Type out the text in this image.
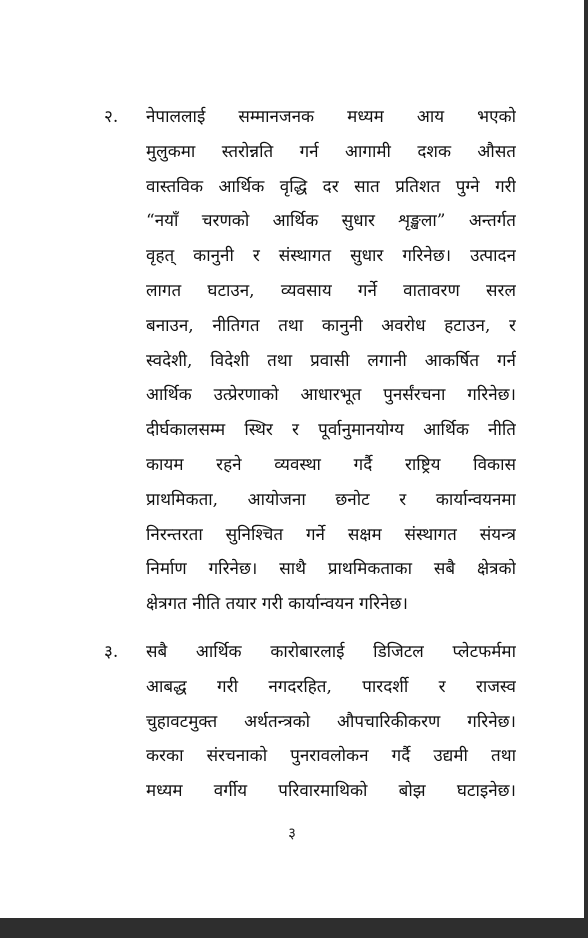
२. नेपाललाई सम्मानजनक मध्यम आय भएको
मुलुकमा स्तरोन्नति गर्न आगामी दशक औसत
वास्तविक आर्थिक वृद्धि दर सात प्रतिशत पुग्ने गरी
“नयाँ चरणको आर्थिक सुधार शृङ्खला” अन्तर्गत
वृहत् कानुनी र संस्थागत सुधार गरिनेछ। उत्पादन
लागत घटाउन, व्यवसाय गर्ने वातावरण सरल
बनाउन, नीतिगत तथा कानुनी अवरोध हटाउन, र
स्वदेशी, विदेशी तथा प्रवासी लगानी आकर्षित गर्न
आर्थिक उत्प्रेरणाको आधारभूत पुनर्संरचना गरिनेछ।
दीर्घकालसम्म स्थिर र पूर्वानुमानयोग्य आर्थिक नीति
कायम रहने व्यवस्था गर्दै राष्ट्रिय विकास
प्राथमिकता, आयोजना छनोट र कार्यान्वयनमा
निरन्तरता सुनिश्चित गर्ने सक्षम संस्थागत संयन्त्र
निर्माण गरिनेछ। साथै प्राथमिकताका सबै क्षेत्रको
क्षेत्रगत नीति तयार गरी कार्यान्वयन गरिनेछ।
३. सबै आर्थिक कारोबारलाई डिजिटल प्लेटफर्ममा
आबद्ध गरी नगदरहित, पारदर्शी र राजस्व
चुहावटमुक्त अर्थतन्त्रको औपचारिकीकरण गरिनेछ।
करका संरचनाको पुनरावलोकन गर्दै उद्यमी तथा
मध्यम वर्गीय परिवारमाथिको बोझ घटाइनेछ।
३
